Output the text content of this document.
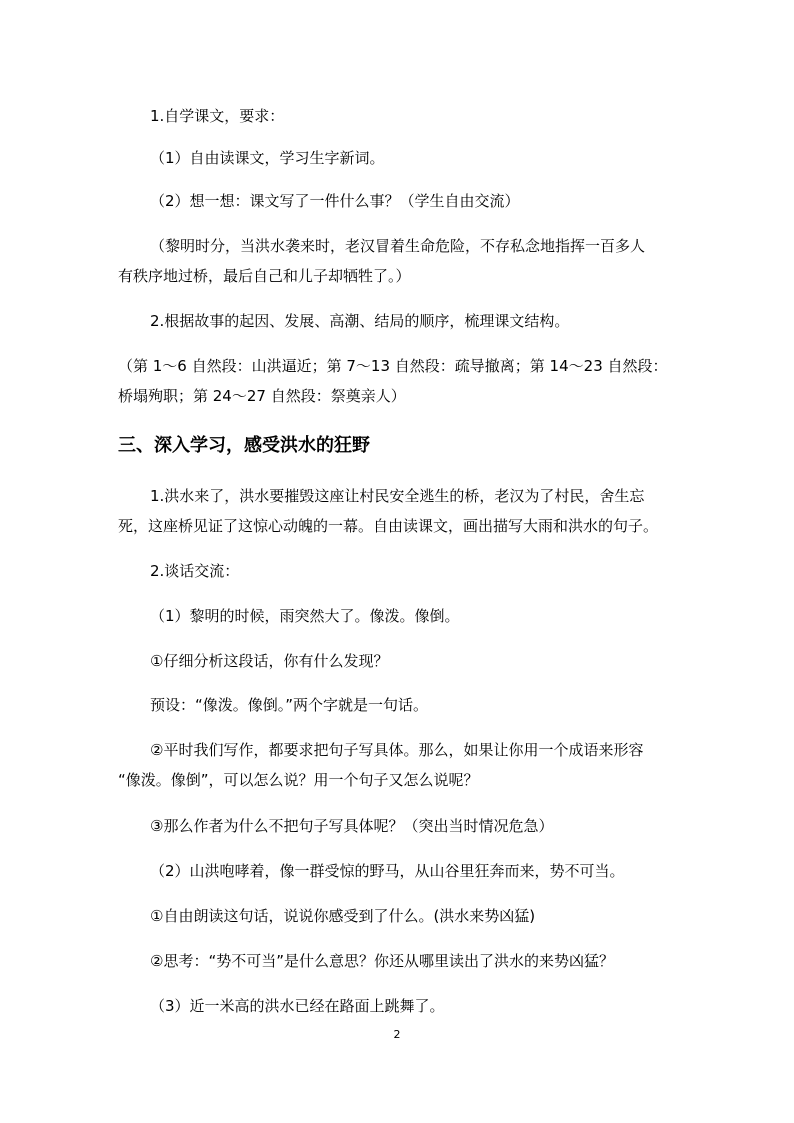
1.自学课文，要求：
（1）自由读课文，学习生字新词。
（2）想一想：课文写了一件什么事？（学生自由交流）
（黎明时分，当洪水袭来时，老汉冒着生命危险，不存私念地指挥一百多人
有秩序地过桥，最后自己和儿子却牺牲了。）
2.根据故事的起因、发展、高潮、结局的顺序，梳理课文结构。
（第 1～6 自然段：山洪逼近；第 7～13 自然段：疏导撤离；第 14～23 自然段：
桥塌殉职；第 24～27 自然段：祭奠亲人）
三、深入学习，感受洪水的狂野
1.洪水来了，洪水要摧毁这座让村民安全逃生的桥，老汉为了村民，舍生忘
死，这座桥见证了这惊心动魄的一幕。自由读课文，画出描写大雨和洪水的句子。
2.谈话交流：
（1）黎明的时候，雨突然大了。像泼。像倒。
①仔细分析这段话，你有什么发现？
预设：“像泼。像倒。”两个字就是一句话。
②平时我们写作，都要求把句子写具体。那么，如果让你用一个成语来形容
“像泼。像倒”，可以怎么说？用一个句子又怎么说呢？
③那么作者为什么不把句子写具体呢？（突出当时情况危急）
（2）山洪咆哮着，像一群受惊的野马，从山谷里狂奔而来，势不可当。
①自由朗读这句话，说说你感受到了什么。(洪水来势凶猛)
②思考：“势不可当”是什么意思？你还从哪里读出了洪水的来势凶猛？
（3）近一米高的洪水已经在路面上跳舞了。
2
